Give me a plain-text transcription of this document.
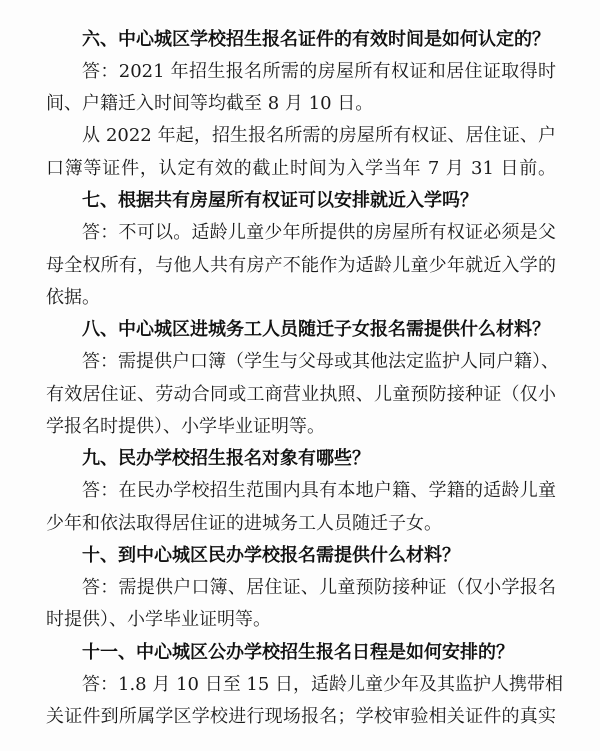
六、中心城区学校招生报名证件的有效时间是如何认定的？
答：2021 年招生报名所需的房屋所有权证和居住证取得时
间、户籍迁入时间等均截至 8 月 10 日。
从 2022 年起，招生报名所需的房屋所有权证、居住证、户
口簿等证件，认定有效的截止时间为入学当年 7 月 31 日前。
七、根据共有房屋所有权证可以安排就近入学吗？
答：不可以。适龄儿童少年所提供的房屋所有权证必须是父
母全权所有，与他人共有房产不能作为适龄儿童少年就近入学的
依据。
八、中心城区进城务工人员随迁子女报名需提供什么材料？
答：需提供户口簿（学生与父母或其他法定监护人同户籍）、
有效居住证、劳动合同或工商营业执照、儿童预防接种证（仅小
学报名时提供）、小学毕业证明等。
九、民办学校招生报名对象有哪些？
答：在民办学校招生范围内具有本地户籍、学籍的适龄儿童
少年和依法取得居住证的进城务工人员随迁子女。
十、到中心城区民办学校报名需提供什么材料？
答：需提供户口簿、居住证、儿童预防接种证（仅小学报名
时提供）、小学毕业证明等。
十一、中心城区公办学校招生报名日程是如何安排的？
答：1.8 月 10 日至 15 日，适龄儿童少年及其监护人携带相
关证件到所属学区学校进行现场报名；学校审验相关证件的真实
